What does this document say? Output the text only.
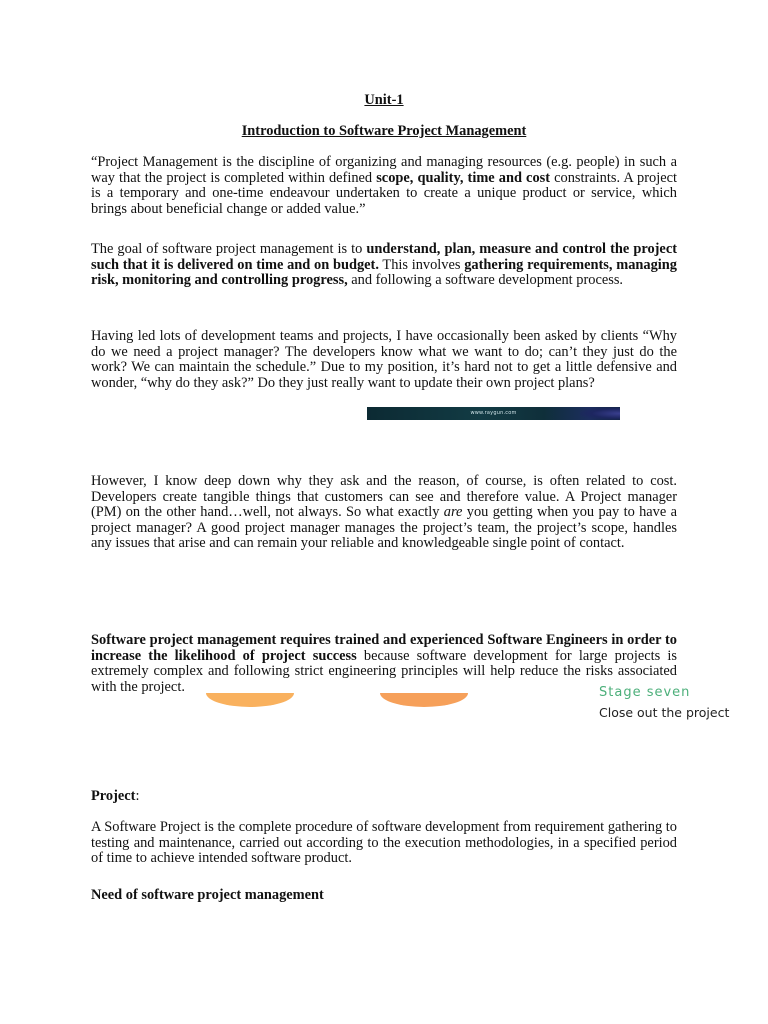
Unit-1
Introduction to Software Project Management

“Project Management is the discipline of organizing and managing resources (e.g. people) in such a way that the project is completed within defined scope, quality, time and cost constraints. A project is a temporary and one-time endeavour undertaken to create a unique product or service, which brings about beneficial change or added value.”

The goal of software project management is to understand, plan, measure and control the project such that it is delivered on time and on budget. This involves gathering requirements, managing risk, monitoring and controlling progress, and following a software development process.

Having led lots of development teams and projects, I have occasionally been asked by clients “Why do we need a project manager? The developers know what we want to do; can’t they just do the work? We can maintain the schedule.” Due to my position, it’s hard not to get a little defensive and wonder, “why do they ask?” Do they just really want to update their own project plans?

www.raygun.com

However, I know deep down why they ask and the reason, of course, is often related to cost. Developers create tangible things that customers can see and therefore value. A Project manager (PM) on the other hand…well, not always. So what exactly are you getting when you pay to have a project manager? A good project manager manages the project’s team, the project’s scope, handles any issues that arise and can remain your reliable and knowledgeable single point of contact.

Software project management requires trained and experienced Software Engineers in order to increase the likelihood of project success because software development for large projects is extremely complex and following strict engineering principles will help reduce the risks associated with the project.	Stage seven
Close out the project

Project:

A Software Project is the complete procedure of software development from requirement gathering to testing and maintenance, carried out according to the execution methodologies, in a specified period of time to achieve intended software product.

Need of software project management
